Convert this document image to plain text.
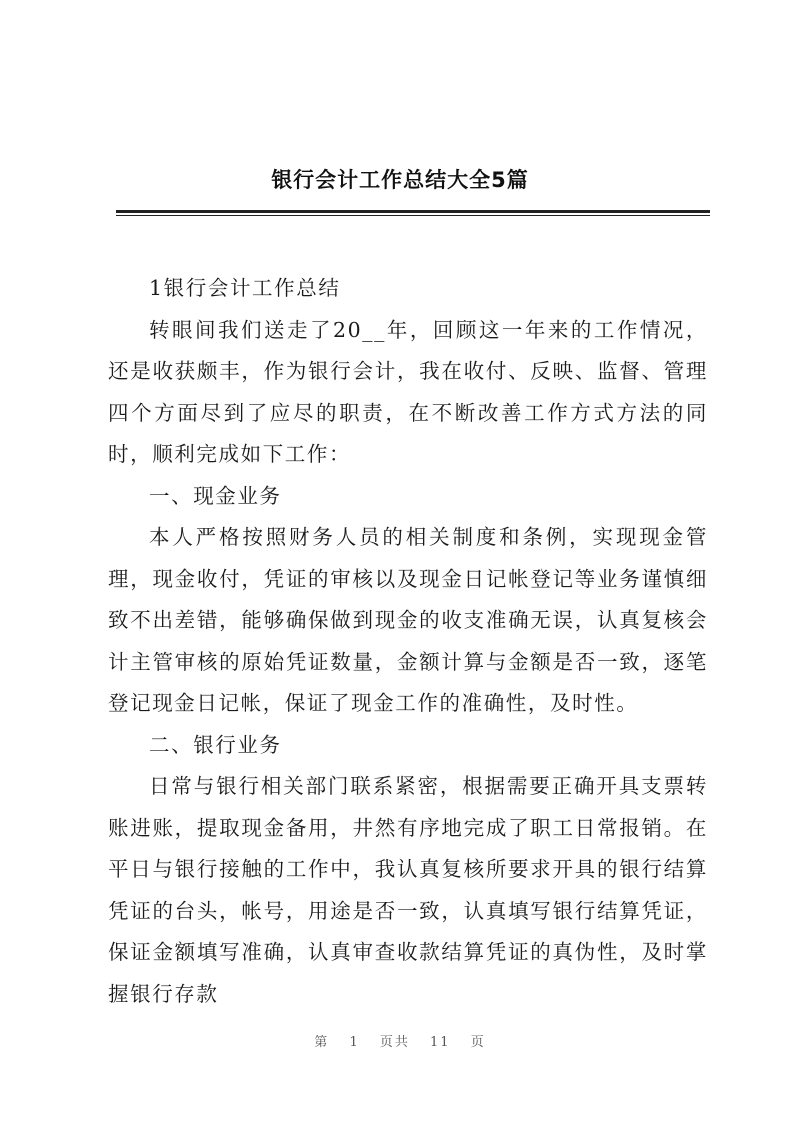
银行会计工作总结大全5篇

1银行会计工作总结

转眼间我们送走了20__年，回顾这一年来的工作情况，还是收获颇丰，作为银行会计，我在收付、反映、监督、管理四个方面尽到了应尽的职责，在不断改善工作方式方法的同时，顺利完成如下工作：

一、现金业务

本人严格按照财务人员的相关制度和条例，实现现金管理，现金收付，凭证的审核以及现金日记帐登记等业务谨慎细致不出差错，能够确保做到现金的收支准确无误，认真复核会计主管审核的原始凭证数量，金额计算与金额是否一致，逐笔登记现金日记帐，保证了现金工作的准确性，及时性。

二、银行业务

日常与银行相关部门联系紧密，根据需要正确开具支票转账进账，提取现金备用，井然有序地完成了职工日常报销。在平日与银行接触的工作中，我认真复核所要求开具的银行结算凭证的台头，帐号，用途是否一致，认真填写银行结算凭证，保证金额填写准确，认真审查收款结算凭证的真伪性，及时掌握银行存款

第 1 页共 11 页
